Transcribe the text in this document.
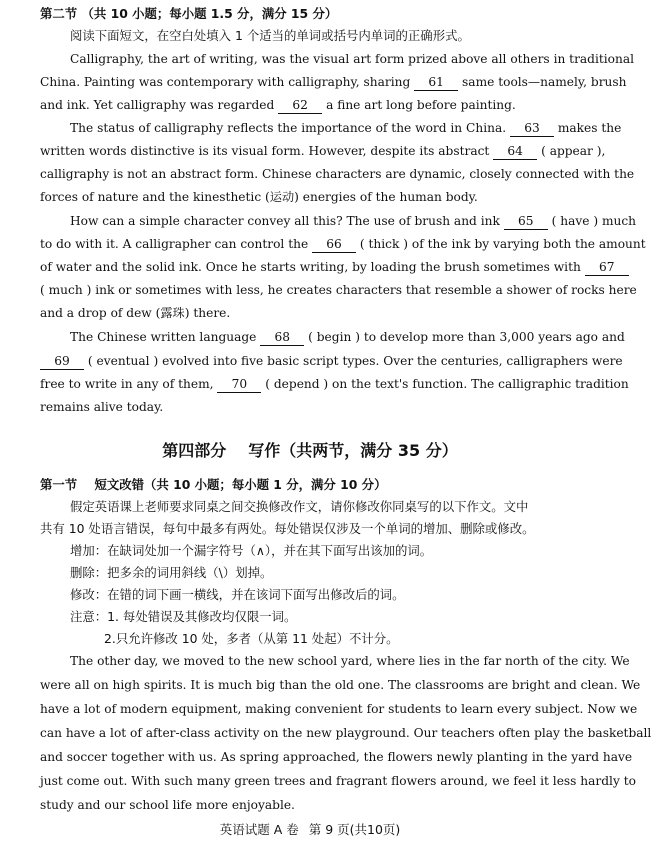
第二节 （共 10 小题；每小题 1.5 分，满分 15 分）
阅读下面短文，在空白处填入 1 个适当的单词或括号内单词的正确形式。
Calligraphy, the art of writing, was the visual art form prized above all others in traditional
China. Painting was contemporary with calligraphy, sharing 61 same tools—namely, brush
and ink. Yet calligraphy was regarded 62 a fine art long before painting.
The status of calligraphy reflects the importance of the word in China. 63 makes the
written words distinctive is its visual form. However, despite its abstract 64 ( appear ),
calligraphy is not an abstract form. Chinese characters are dynamic, closely connected with the
forces of nature and the kinesthetic (运动) energies of the human body.
How can a simple character convey all this? The use of brush and ink 65 ( have ) much
to do with it. A calligrapher can control the 66 ( thick ) of the ink by varying both the amount
of water and the solid ink. Once he starts writing, by loading the brush sometimes with 67
( much ) ink or sometimes with less, he creates characters that resemble a shower of rocks here
and a drop of dew (露珠) there.
The Chinese written language 68 ( begin ) to develop more than 3,000 years ago and
69 ( eventual ) evolved into five basic script types. Over the centuries, calligraphers were
free to write in any of them, 70 ( depend ) on the text's function. The calligraphic tradition
remains alive today.
第四部分 写作（共两节，满分 35 分）
第一节 短文改错（共 10 小题；每小题 1 分，满分 10 分）
假定英语课上老师要求同桌之间交换修改作文，请你修改你同桌写的以下作文。文中
共有 10 处语言错误，每句中最多有两处。每处错误仅涉及一个单词的增加、删除或修改。
增加：在缺词处加一个漏字符号（∧），并在其下面写出该加的词。
删除：把多余的词用斜线（\）划掉。
修改：在错的词下画一横线，并在该词下面写出修改后的词。
注意：1. 每处错误及其修改均仅限一词。
2.只允许修改 10 处，多者（从第 11 处起）不计分。
The other day, we moved to the new school yard, where lies in the far north of the city. We
were all on high spirits. It is much big than the old one. The classrooms are bright and clean. We
have a lot of modern equipment, making convenient for students to learn every subject. Now we
can have a lot of after-class activity on the new playground. Our teachers often play the basketball
and soccer together with us. As spring approached, the flowers newly planting in the yard have
just come out. With such many green trees and fragrant flowers around, we feel it less hardly to
study and our school life more enjoyable.
英语试题 A 卷 第 9 页(共10页)
